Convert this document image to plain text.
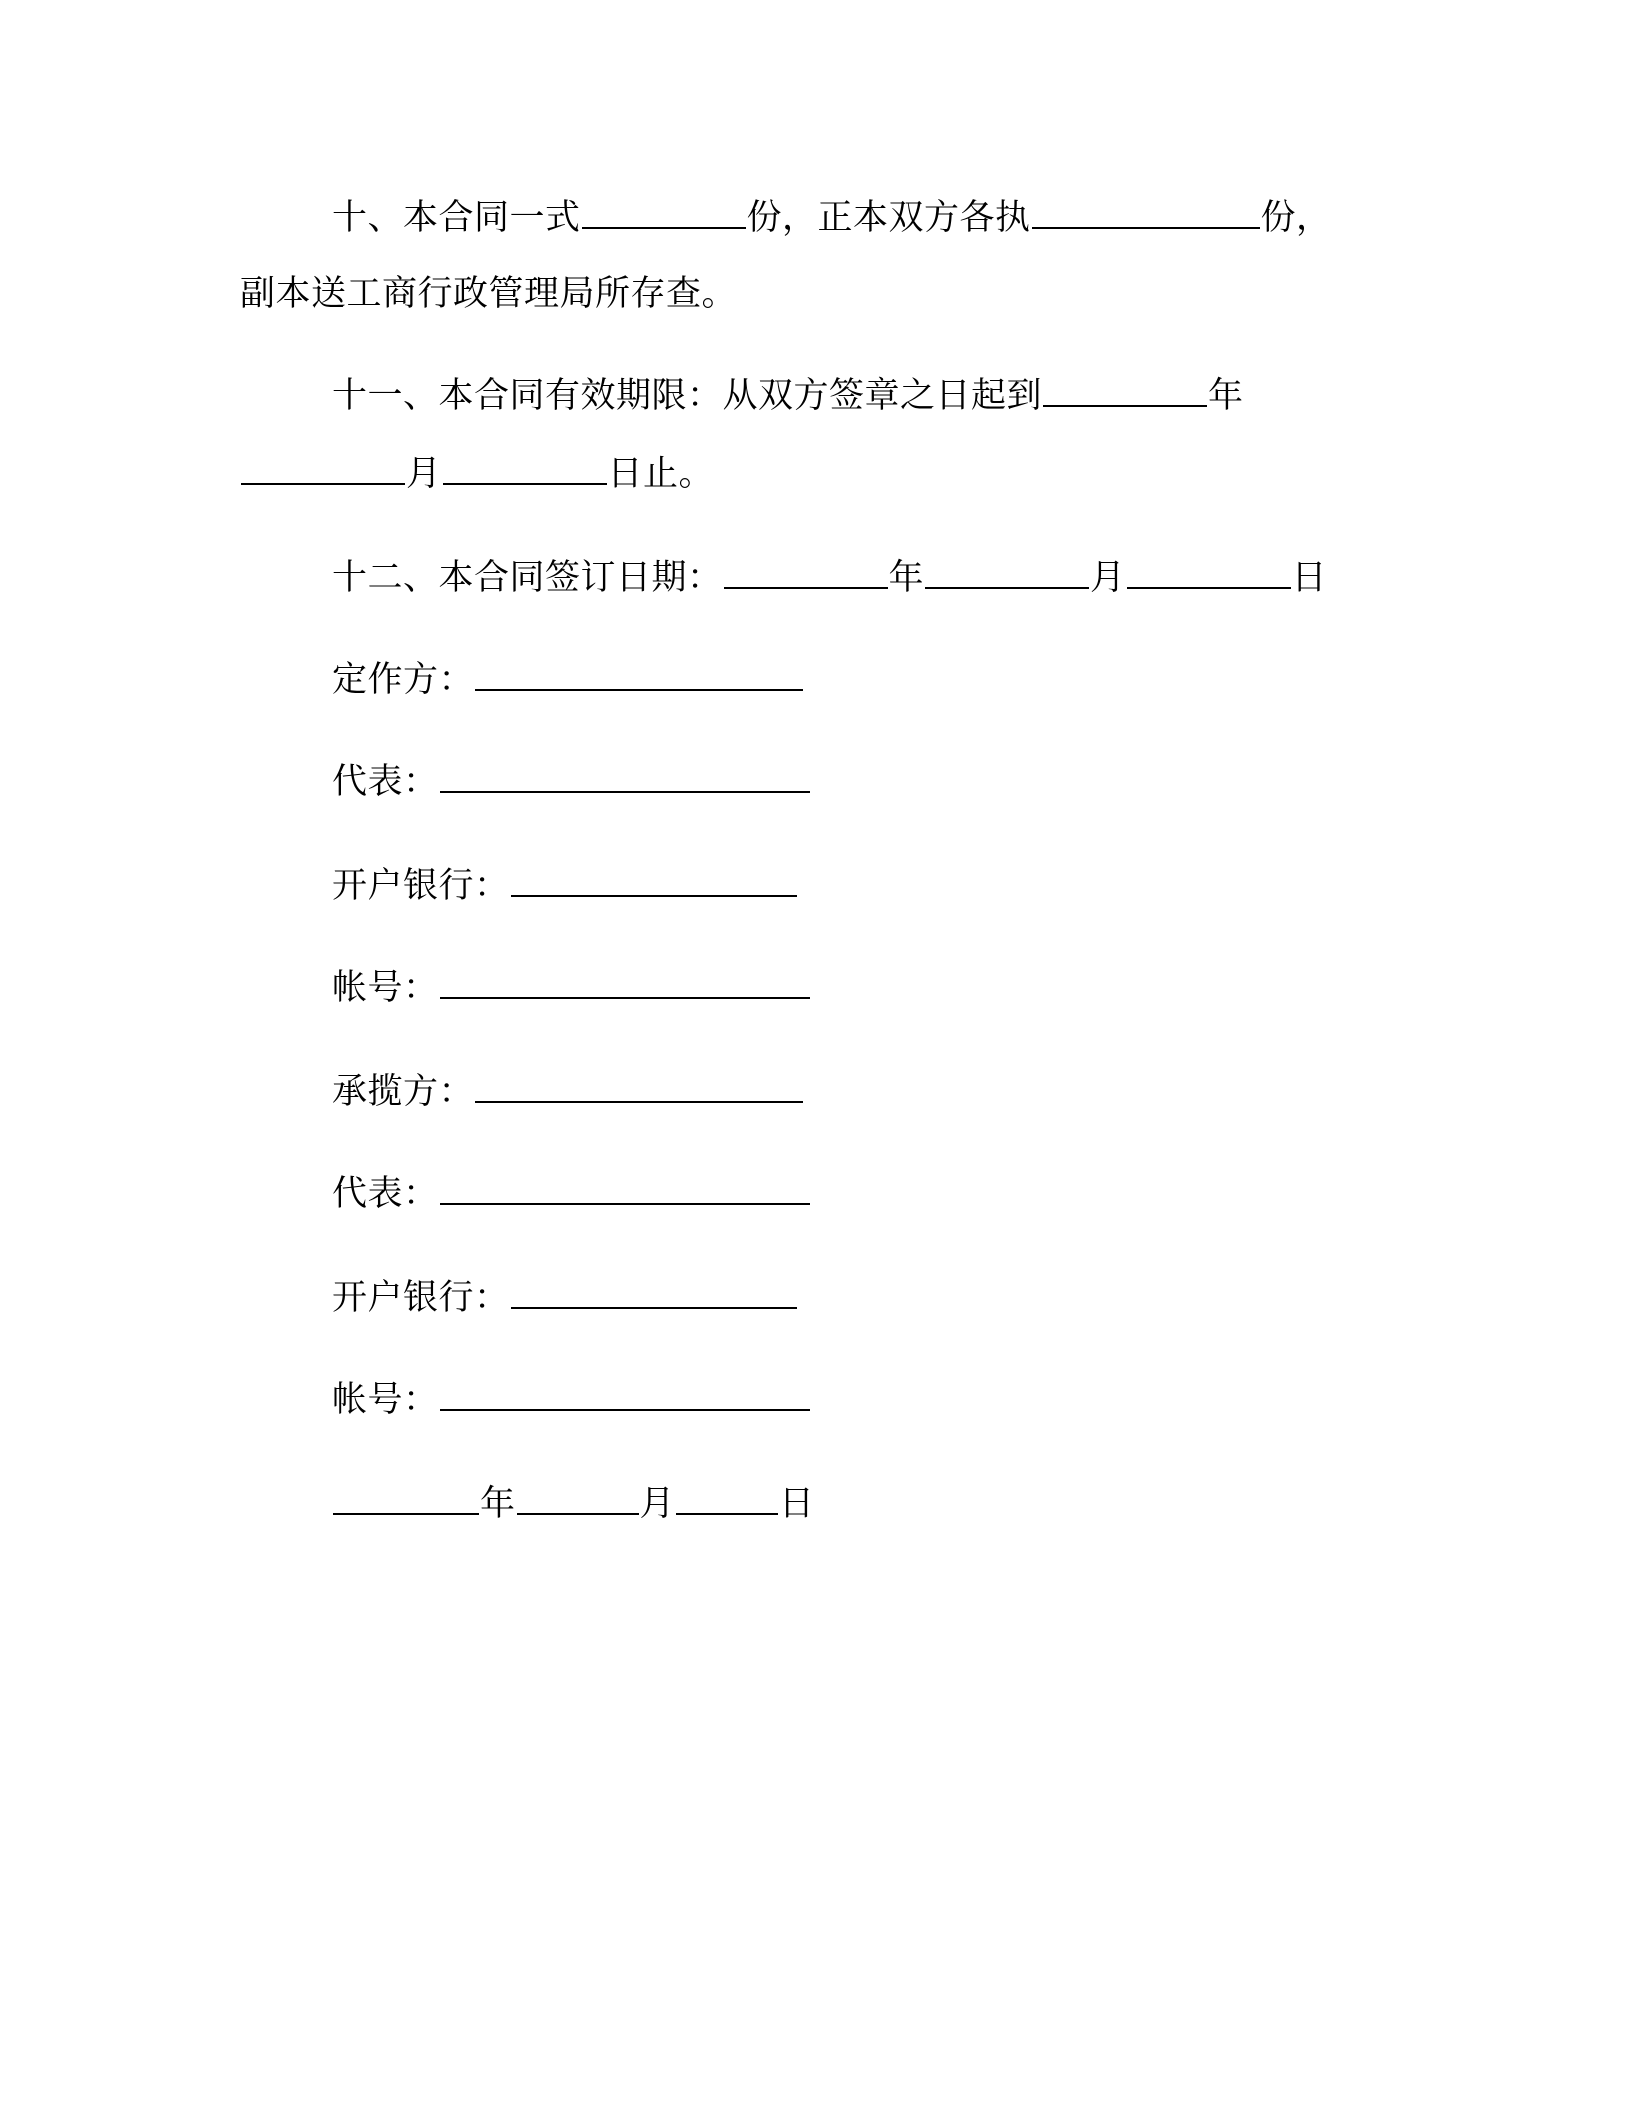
十、本合同一式	份，正本双方各执	份，
副本送工商行政管理局所存查。
十一、本合同有效期限：从双方签章之日起到	年
月	日止。
十二、本合同签订日期：	年	月	日
定作方：
代表：
开户银行：
帐号：
承揽方：
代表：
开户银行：
帐号：
年	月	日
